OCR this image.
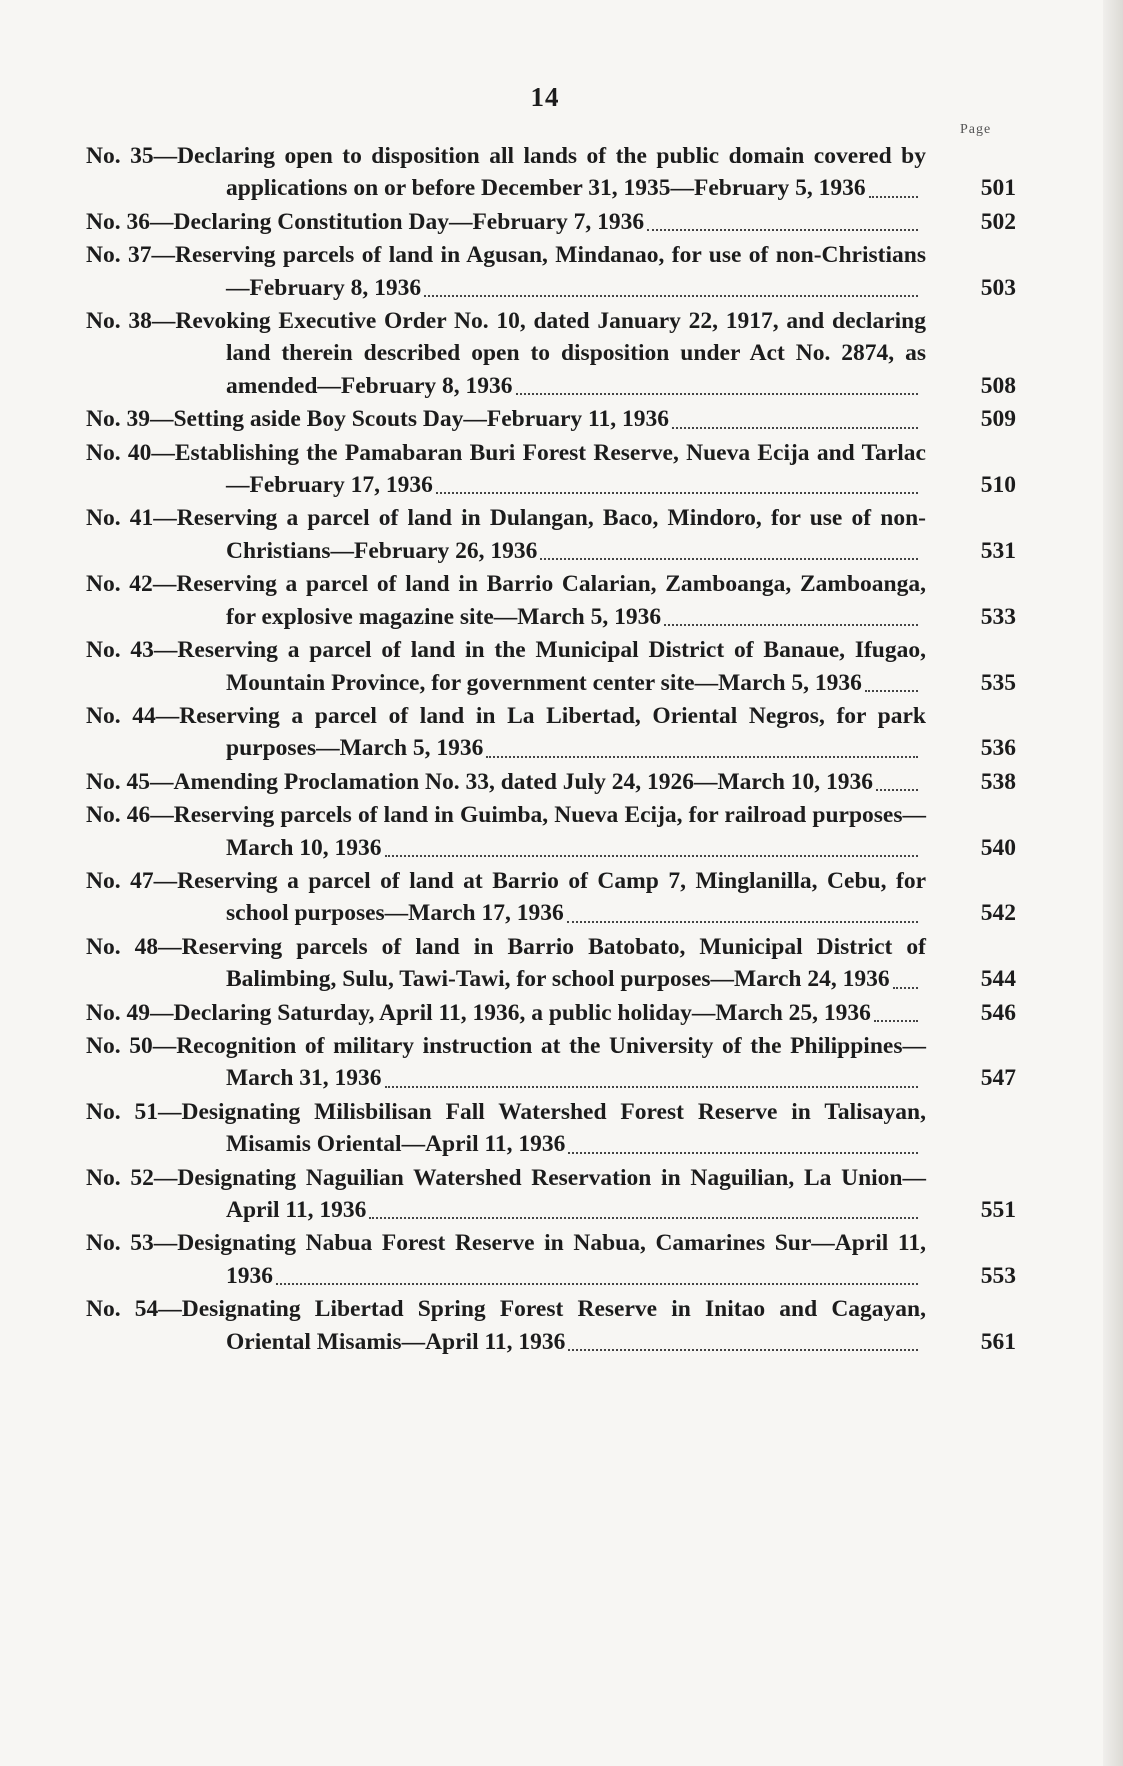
14
Page
No. 35—Declaring open to disposition all lands of the public domain covered by applications on or before December 31, 1935—February 5, 1936	501
No. 36—Declaring Constitution Day—February 7, 1936	502
No. 37—Reserving parcels of land in Agusan, Mindanao, for use of non-Christians—February 8, 1936	503
No. 38—Revoking Executive Order No. 10, dated January 22, 1917, and declaring land therein described open to disposition under Act No. 2874, as amended—February 8, 1936	508
No. 39—Setting aside Boy Scouts Day—February 11, 1936	509
No. 40—Establishing the Pamabaran Buri Forest Reserve, Nueva Ecija and Tarlac—February 17, 1936	510
No. 41—Reserving a parcel of land in Dulangan, Baco, Mindoro, for use of non-Christians—February 26, 1936	531
No. 42—Reserving a parcel of land in Barrio Calarian, Zamboanga, Zamboanga, for explosive magazine site—March 5, 1936	533
No. 43—Reserving a parcel of land in the Municipal District of Banaue, Ifugao, Mountain Province, for government center site—March 5, 1936	535
No. 44—Reserving a parcel of land in La Libertad, Oriental Negros, for park purposes—March 5, 1936	536
No. 45—Amending Proclamation No. 33, dated July 24, 1926—March 10, 1936	538
No. 46—Reserving parcels of land in Guimba, Nueva Ecija, for railroad purposes—March 10, 1936	540
No. 47—Reserving a parcel of land at Barrio of Camp 7, Minglanilla, Cebu, for school purposes—March 17, 1936	542
No. 48—Reserving parcels of land in Barrio Batobato, Municipal District of Balimbing, Sulu, Tawi-Tawi, for school purposes—March 24, 1936	544
No. 49—Declaring Saturday, April 11, 1936, a public holiday—March 25, 1936	546
No. 50—Recognition of military instruction at the University of the Philippines—March 31, 1936	547
No. 51—Designating Milisbilisan Fall Watershed Forest Reserve in Talisayan, Misamis Oriental—April 11, 1936
No. 52—Designating Naguilian Watershed Reservation in Naguilian, La Union—April 11, 1936	551
No. 53—Designating Nabua Forest Reserve in Nabua, Camarines Sur—April 11, 1936	553
No. 54—Designating Libertad Spring Forest Reserve in Initao and Cagayan, Oriental Misamis—April 11, 1936	561
